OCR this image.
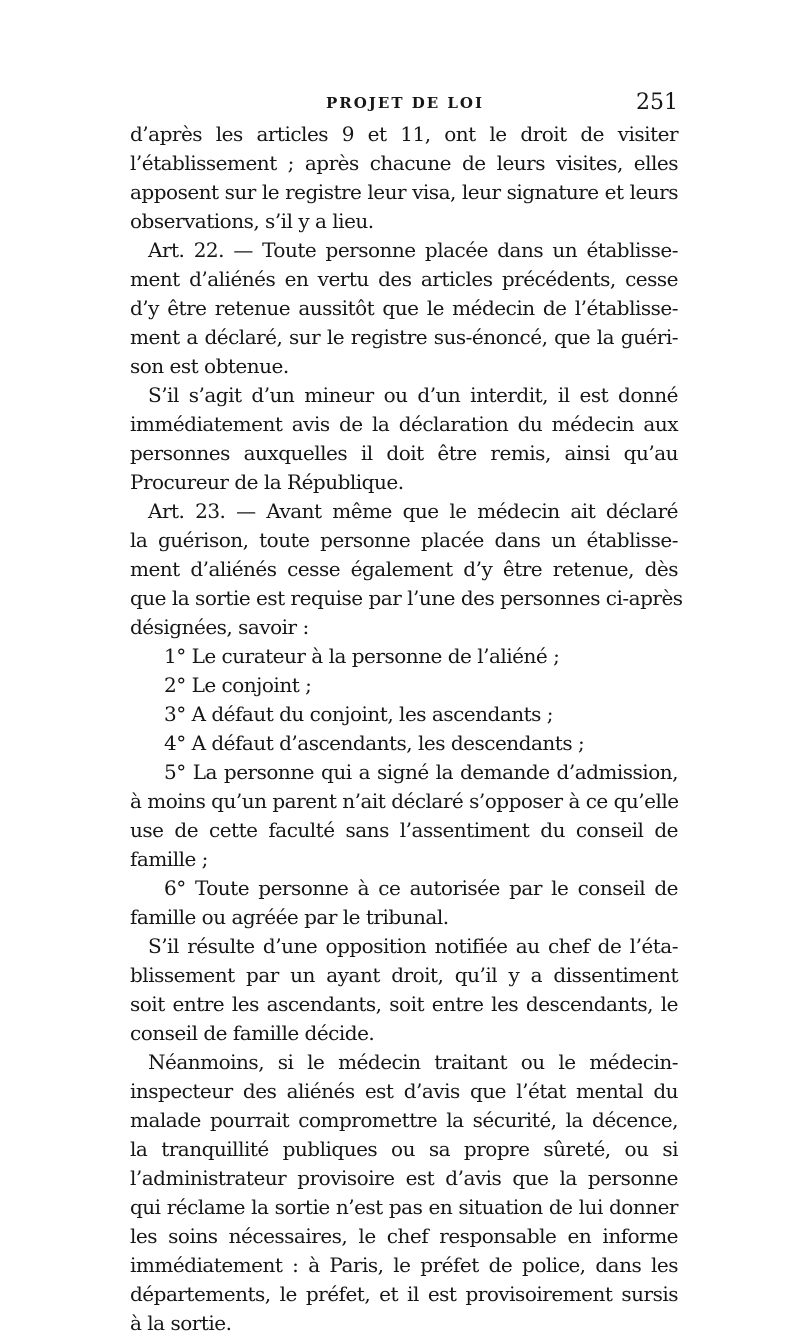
PROJET DE LOI	251
d’après les articles 9 et 11, ont le droit de visiter
l’établissement ; après chacune de leurs visites, elles
apposent sur le registre leur visa, leur signature et leurs
observations, s’il y a lieu.
Art. 22. — Toute personne placée dans un établisse-
ment d’aliénés en vertu des articles précédents, cesse
d’y être retenue aussitôt que le médecin de l’établisse-
ment a déclaré, sur le registre sus-énoncé, que la guéri-
son est obtenue.
S’il s’agit d’un mineur ou d’un interdit, il est donné
immédiatement avis de la déclaration du médecin aux
personnes auxquelles il doit être remis, ainsi qu’au
Procureur de la République.
Art. 23. — Avant même que le médecin ait déclaré
la guérison, toute personne placée dans un établisse-
ment d’aliénés cesse également d’y être retenue, dès
que la sortie est requise par l’une des personnes ci-après
désignées, savoir :
1° Le curateur à la personne de l’aliéné ;
2° Le conjoint ;
3° A défaut du conjoint, les ascendants ;
4° A défaut d’ascendants, les descendants ;
5° La personne qui a signé la demande d’admission,
à moins qu’un parent n’ait déclaré s’opposer à ce qu’elle
use de cette faculté sans l’assentiment du conseil de
famille ;
6° Toute personne à ce autorisée par le conseil de
famille ou agréée par le tribunal.
S’il résulte d’une opposition notifiée au chef de l’éta-
blissement par un ayant droit, qu’il y a dissentiment
soit entre les ascendants, soit entre les descendants, le
conseil de famille décide.
Néanmoins, si le médecin traitant ou le médecin-
inspecteur des aliénés est d’avis que l’état mental du
malade pourrait compromettre la sécurité, la décence,
la tranquillité publiques ou sa propre sûreté, ou si
l’administrateur provisoire est d’avis que la personne
qui réclame la sortie n’est pas en situation de lui donner
les soins nécessaires, le chef responsable en informe
immédiatement : à Paris, le préfet de police, dans les
départements, le préfet, et il est provisoirement sursis
à la sortie.
